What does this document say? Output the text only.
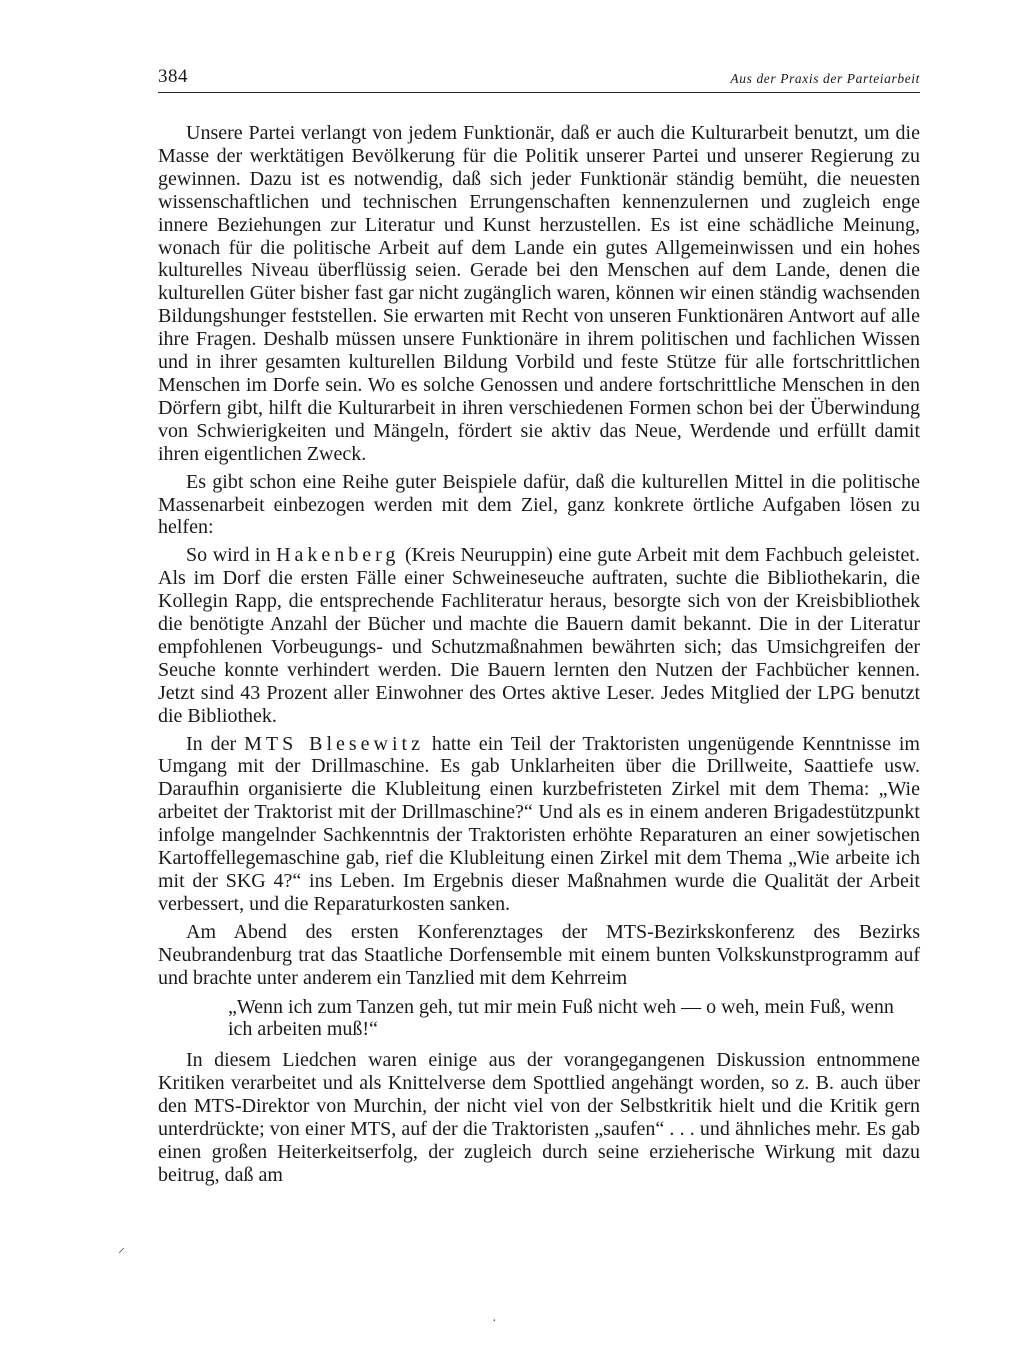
384	Aus der Praxis der Parteiarbeit

Unsere Partei verlangt von jedem Funktionär, daß er auch die Kulturarbeit benutzt, um die Masse der werktätigen Bevölkerung für die Politik unserer Partei und unserer Regierung zu gewinnen. Dazu ist es notwendig, daß sich jeder Funktionär ständig bemüht, die neuesten wissenschaftlichen und technischen Errungenschaften kennenzulernen und zugleich enge innere Beziehungen zur Literatur und Kunst herzustellen. Es ist eine schädliche Meinung, wonach für die politische Arbeit auf dem Lande ein gutes Allgemeinwissen und ein hohes kulturelles Niveau überflüssig seien. Gerade bei den Menschen auf dem Lande, denen die kulturellen Güter bisher fast gar nicht zugänglich waren, können wir einen ständig wachsenden Bildungshunger feststellen. Sie erwarten mit Recht von unseren Funktionären Antwort auf alle ihre Fragen. Deshalb müssen unsere Funktionäre in ihrem politischen und fachlichen Wissen und in ihrer gesamten kulturellen Bildung Vorbild und feste Stütze für alle fortschrittlichen Menschen im Dorfe sein. Wo es solche Genossen und andere fortschrittliche Menschen in den Dörfern gibt, hilft die Kulturarbeit in ihren verschiedenen Formen schon bei der Überwindung von Schwierigkeiten und Mängeln, fördert sie aktiv das Neue, Werdende und erfüllt damit ihren eigentlichen Zweck.

Es gibt schon eine Reihe guter Beispiele dafür, daß die kulturellen Mittel in die politische Massenarbeit einbezogen werden mit dem Ziel, ganz konkrete örtliche Aufgaben lösen zu helfen:

So wird in Hakenberg (Kreis Neuruppin) eine gute Arbeit mit dem Fachbuch geleistet. Als im Dorf die ersten Fälle einer Schweineseuche auftraten, suchte die Bibliothekarin, die Kollegin Rapp, die entsprechende Fachliteratur heraus, besorgte sich von der Kreisbibliothek die benötigte Anzahl der Bücher und machte die Bauern damit bekannt. Die in der Literatur empfohlenen Vorbeugungs- und Schutzmaßnahmen bewährten sich; das Umsichgreifen der Seuche konnte verhindert werden. Die Bauern lernten den Nutzen der Fachbücher kennen. Jetzt sind 43 Prozent aller Einwohner des Ortes aktive Leser. Jedes Mitglied der LPG benutzt die Bibliothek.

In der MTS Blesewitz hatte ein Teil der Traktoristen ungenügende Kenntnisse im Umgang mit der Drillmaschine. Es gab Unklarheiten über die Drillweite, Saattiefe usw. Daraufhin organisierte die Klubleitung einen kurzbefristeten Zirkel mit dem Thema: „Wie arbeitet der Traktorist mit der Drillmaschine?“ Und als es in einem anderen Brigadestützpunkt infolge mangelnder Sachkenntnis der Traktoristen erhöhte Reparaturen an einer sowjetischen Kartoffellegemaschine gab, rief die Klubleitung einen Zirkel mit dem Thema „Wie arbeite ich mit der SKG 4?“ ins Leben. Im Ergebnis dieser Maßnahmen wurde die Qualität der Arbeit verbessert, und die Reparaturkosten sanken.

Am Abend des ersten Konferenztages der MTS-Bezirkskonferenz des Bezirks Neubrandenburg trat das Staatliche Dorfensemble mit einem bunten Volkskunstprogramm auf und brachte unter anderem ein Tanzlied mit dem Kehrreim

„Wenn ich zum Tanzen geh, tut mir mein Fuß nicht weh — o weh, mein Fuß, wenn ich arbeiten muß!“

In diesem Liedchen waren einige aus der vorangegangenen Diskussion entnommene Kritiken verarbeitet und als Knittelverse dem Spottlied angehängt worden, so z. B. auch über den MTS-Direktor von Murchin, der nicht viel von der Selbstkritik hielt und die Kritik gern unterdrückte; von einer MTS, auf der die Traktoristen „saufen“ . . . und ähnliches mehr. Es gab einen großen Heiterkeitserfolg, der zugleich durch seine erzieherische Wirkung mit dazu beitrug, daß am

⸝
·
